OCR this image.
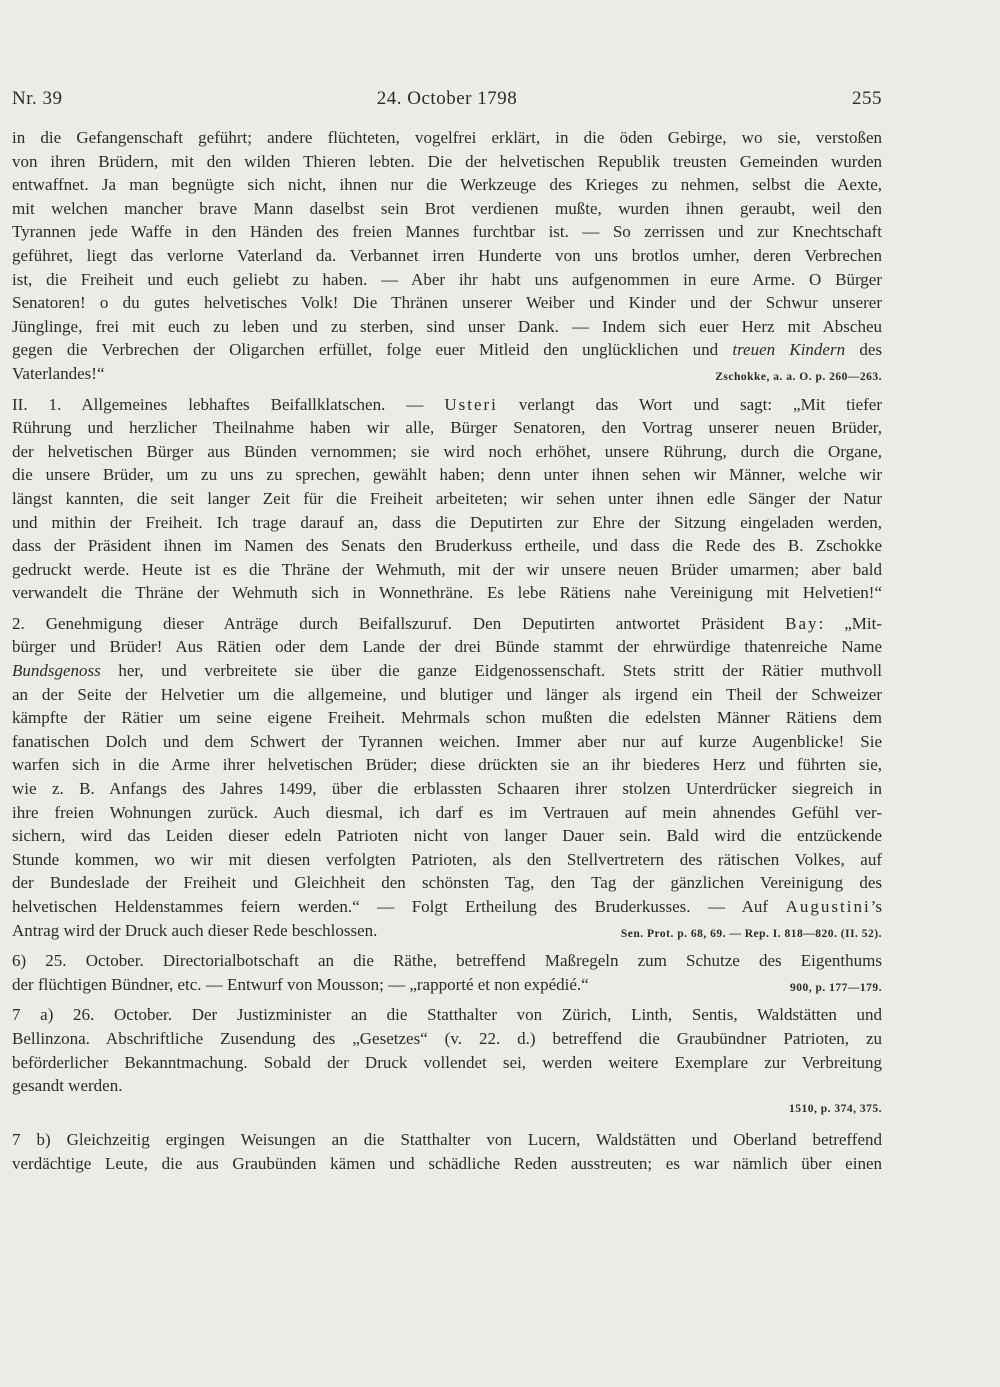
Nr. 39	24. October 1798	255
in die Gefangenschaft geführt; andere flüchteten, vogelfrei erklärt, in die öden Gebirge, wo sie, verstoßen
von ihren Brüdern, mit den wilden Thieren lebten. Die der helvetischen Republik treusten Gemeinden wurden
entwaffnet. Ja man begnügte sich nicht, ihnen nur die Werkzeuge des Krieges zu nehmen, selbst die Aexte,
mit welchen mancher brave Mann daselbst sein Brot verdienen mußte, wurden ihnen geraubt, weil den
Tyrannen jede Waffe in den Händen des freien Mannes furchtbar ist. — So zerrissen und zur Knechtschaft
geführet, liegt das verlorne Vaterland da. Verbannet irren Hunderte von uns brotlos umher, deren Verbrechen
ist, die Freiheit und euch geliebt zu haben. — Aber ihr habt uns aufgenommen in eure Arme. O Bürger
Senatoren! o du gutes helvetisches Volk! Die Thränen unserer Weiber und Kinder und der Schwur unserer
Jünglinge, frei mit euch zu leben und zu sterben, sind unser Dank. — Indem sich euer Herz mit Abscheu
gegen die Verbrechen der Oligarchen erfüllet, folge euer Mitleid den unglücklichen und treuen Kindern des
Vaterlandes!“	Zschokke, a. a. O. p. 260—263.
II. 1. Allgemeines lebhaftes Beifallklatschen. — Usteri verlangt das Wort und sagt: „Mit tiefer
Rührung und herzlicher Theilnahme haben wir alle, Bürger Senatoren, den Vortrag unserer neuen Brüder,
der helvetischen Bürger aus Bünden vernommen; sie wird noch erhöhet, unsere Rührung, durch die Organe,
die unsere Brüder, um zu uns zu sprechen, gewählt haben; denn unter ihnen sehen wir Männer, welche wir
längst kannten, die seit langer Zeit für die Freiheit arbeiteten; wir sehen unter ihnen edle Sänger der Natur
und mithin der Freiheit. Ich trage darauf an, dass die Deputirten zur Ehre der Sitzung eingeladen werden,
dass der Präsident ihnen im Namen des Senats den Bruderkuss ertheile, und dass die Rede des B. Zschokke
gedruckt werde. Heute ist es die Thräne der Wehmuth, mit der wir unsere neuen Brüder umarmen; aber bald
verwandelt die Thräne der Wehmuth sich in Wonnethräne. Es lebe Rätiens nahe Vereinigung mit Helvetien!“
2. Genehmigung dieser Anträge durch Beifallszuruf. Den Deputirten antwortet Präsident Bay: „Mit-
bürger und Brüder! Aus Rätien oder dem Lande der drei Bünde stammt der ehrwürdige thatenreiche Name
Bundsgenoss her, und verbreitete sie über die ganze Eidgenossenschaft. Stets stritt der Rätier muthvoll
an der Seite der Helvetier um die allgemeine, und blutiger und länger als irgend ein Theil der Schweizer
kämpfte der Rätier um seine eigene Freiheit. Mehrmals schon mußten die edelsten Männer Rätiens dem
fanatischen Dolch und dem Schwert der Tyrannen weichen. Immer aber nur auf kurze Augenblicke! Sie
warfen sich in die Arme ihrer helvetischen Brüder; diese drückten sie an ihr biederes Herz und führten sie,
wie z. B. Anfangs des Jahres 1499, über die erblassten Schaaren ihrer stolzen Unterdrücker siegreich in
ihre freien Wohnungen zurück. Auch diesmal, ich darf es im Vertrauen auf mein ahnendes Gefühl ver-
sichern, wird das Leiden dieser edeln Patrioten nicht von langer Dauer sein. Bald wird die entzückende
Stunde kommen, wo wir mit diesen verfolgten Patrioten, als den Stellvertretern des rätischen Volkes, auf
der Bundeslade der Freiheit und Gleichheit den schönsten Tag, den Tag der gänzlichen Vereinigung des
helvetischen Heldenstammes feiern werden.“ — Folgt Ertheilung des Bruderkusses. — Auf Augustini’s
Antrag wird der Druck auch dieser Rede beschlossen.	Sen. Prot. p. 68, 69. — Rep. I. 818—820. (II. 52).
6) 25. October. Directorialbotschaft an die Räthe, betreffend Maßregeln zum Schutze des Eigenthums
der flüchtigen Bündner, etc. — Entwurf von Mousson; — „rapporté et non expédié.“	900, p. 177—179.
7 a) 26. October. Der Justizminister an die Statthalter von Zürich, Linth, Sentis, Waldstätten und
Bellinzona. Abschriftliche Zusendung des „Gesetzes“ (v. 22. d.) betreffend die Graubündner Patrioten, zu
beförderlicher Bekanntmachung. Sobald der Druck vollendet sei, werden weitere Exemplare zur Verbreitung
gesandt werden.
1510, p. 374, 375.
7 b) Gleichzeitig ergingen Weisungen an die Statthalter von Lucern, Waldstätten und Oberland betreffend
verdächtige Leute, die aus Graubünden kämen und schädliche Reden ausstreuten; es war nämlich über einen
